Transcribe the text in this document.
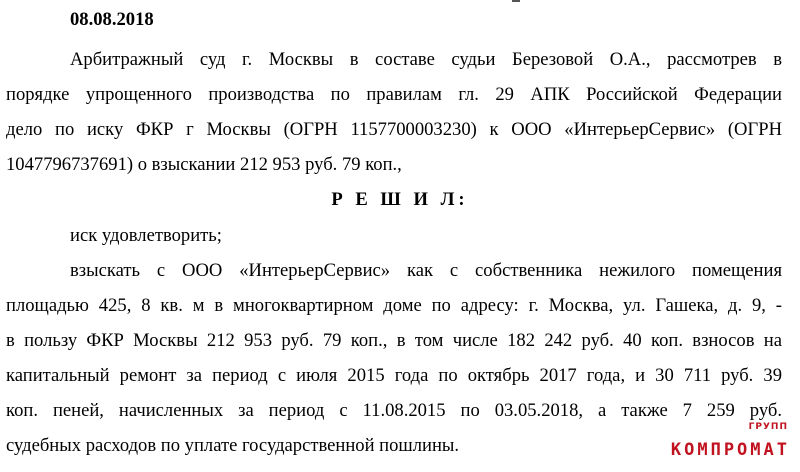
08.08.2018
Арбитражный суд г. Москвы в составе судьи Березовой О.А., рассмотрев в
порядке упрощенного производства по правилам гл. 29 АПК Российской Федерации
дело по иску ФКР г Москвы (ОГРН 1157700003230) к ООО «ИнтерьерСервис» (ОГРН
1047796737691) о взыскании 212 953 руб. 79 коп.,
Р Е Ш И Л:
иск удовлетворить;
взыскать с ООО «ИнтерьерСервис» как с собственника нежилого помещения
площадью 425, 8 кв. м в многоквартирном доме по адресу: г. Москва, ул. Гашека, д. 9, -
в пользу ФКР Москвы 212 953 руб. 79 коп., в том числе 182 242 руб. 40 коп. взносов на
капитальный ремонт за период с июля 2015 года по октябрь 2017 года, и 30 711 руб. 39
коп. пеней, начисленных за период с 11.08.2015 по 03.05.2018, а также 7 259 руб.
судебных расходов по уплате государственной пошлины.
ГРУПП
КОМПРОМАТ
